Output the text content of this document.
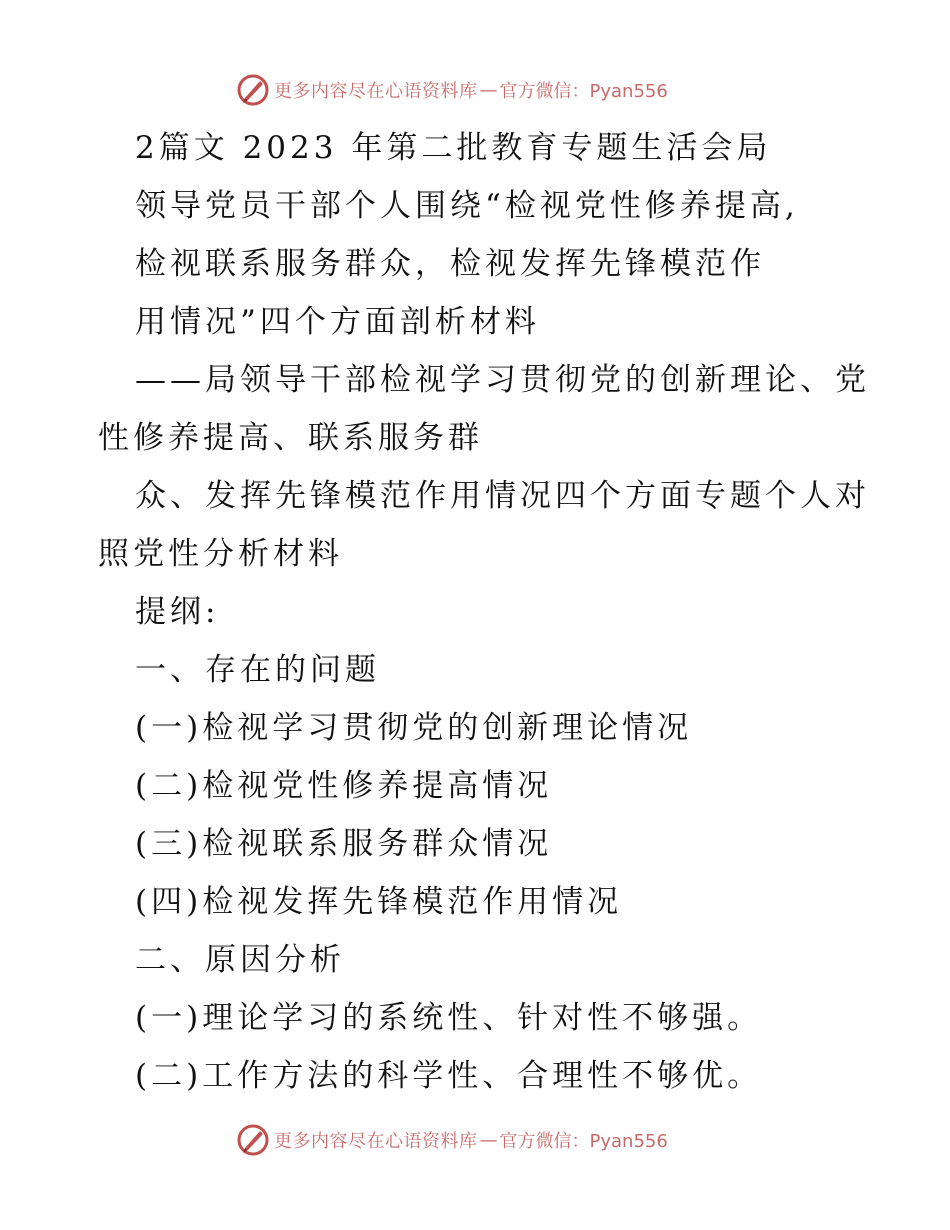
更多内容尽在心语资料库 — 官方微信：Pyan556
2篇文 2023 年第二批教育专题生活会局
领导党员干部个人围绕“检视党性修养提高,
检视联系服务群众，检视发挥先锋模范作
用情况”四个方面剖析材料
——局领导干部检视学习贯彻党的创新理论、党
性修养提高、联系服务群
众、发挥先锋模范作用情况四个方面专题个人对
照党性分析材料
提纲:
一、存在的问题
(一)检视学习贯彻党的创新理论情况
(二)检视党性修养提高情况
(三)检视联系服务群众情况
(四)检视发挥先锋模范作用情况
二、原因分析
(一)理论学习的系统性、针对性不够强。
(二)工作方法的科学性、合理性不够优。
更多内容尽在心语资料库 — 官方微信：Pyan556
